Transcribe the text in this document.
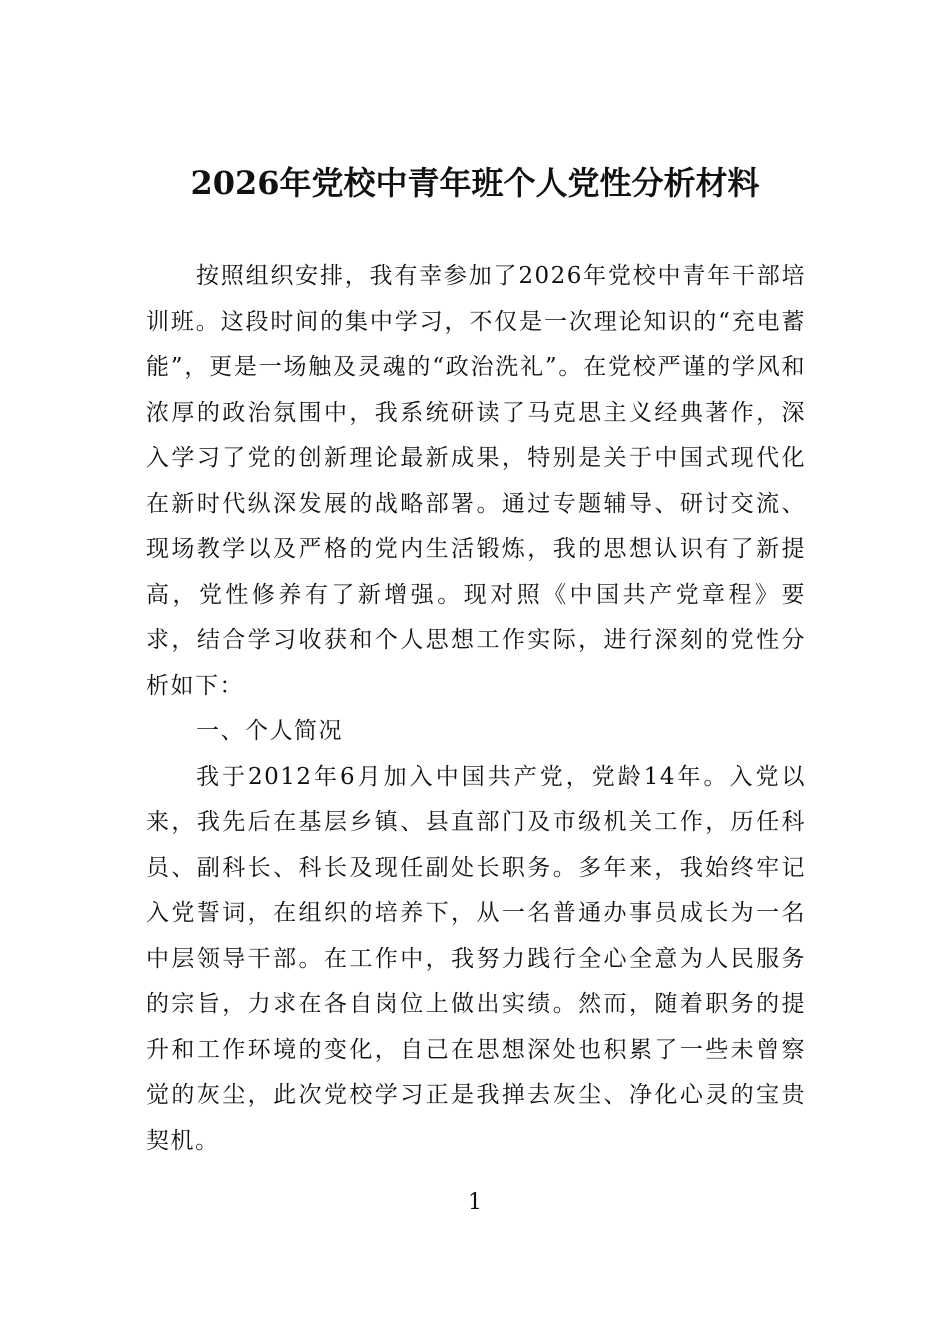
2026年党校中青年班个人党性分析材料

按照组织安排，我有幸参加了2026年党校中青年干部培训班。这段时间的集中学习，不仅是一次理论知识的“充电蓄能”，更是一场触及灵魂的“政治洗礼”。在党校严谨的学风和浓厚的政治氛围中，我系统研读了马克思主义经典著作，深入学习了党的创新理论最新成果，特别是关于中国式现代化在新时代纵深发展的战略部署。通过专题辅导、研讨交流、现场教学以及严格的党内生活锻炼，我的思想认识有了新提高，党性修养有了新增强。现对照《中国共产党章程》要求，结合学习收获和个人思想工作实际，进行深刻的党性分析如下：

一、个人简况

我于2012年6月加入中国共产党，党龄14年。入党以来，我先后在基层乡镇、县直部门及市级机关工作，历任科员、副科长、科长及现任副处长职务。多年来，我始终牢记入党誓词，在组织的培养下，从一名普通办事员成长为一名中层领导干部。在工作中，我努力践行全心全意为人民服务的宗旨，力求在各自岗位上做出实绩。然而，随着职务的提升和工作环境的变化，自己在思想深处也积累了一些未曾察觉的灰尘，此次党校学习正是我掸去灰尘、净化心灵的宝贵契机。

1
